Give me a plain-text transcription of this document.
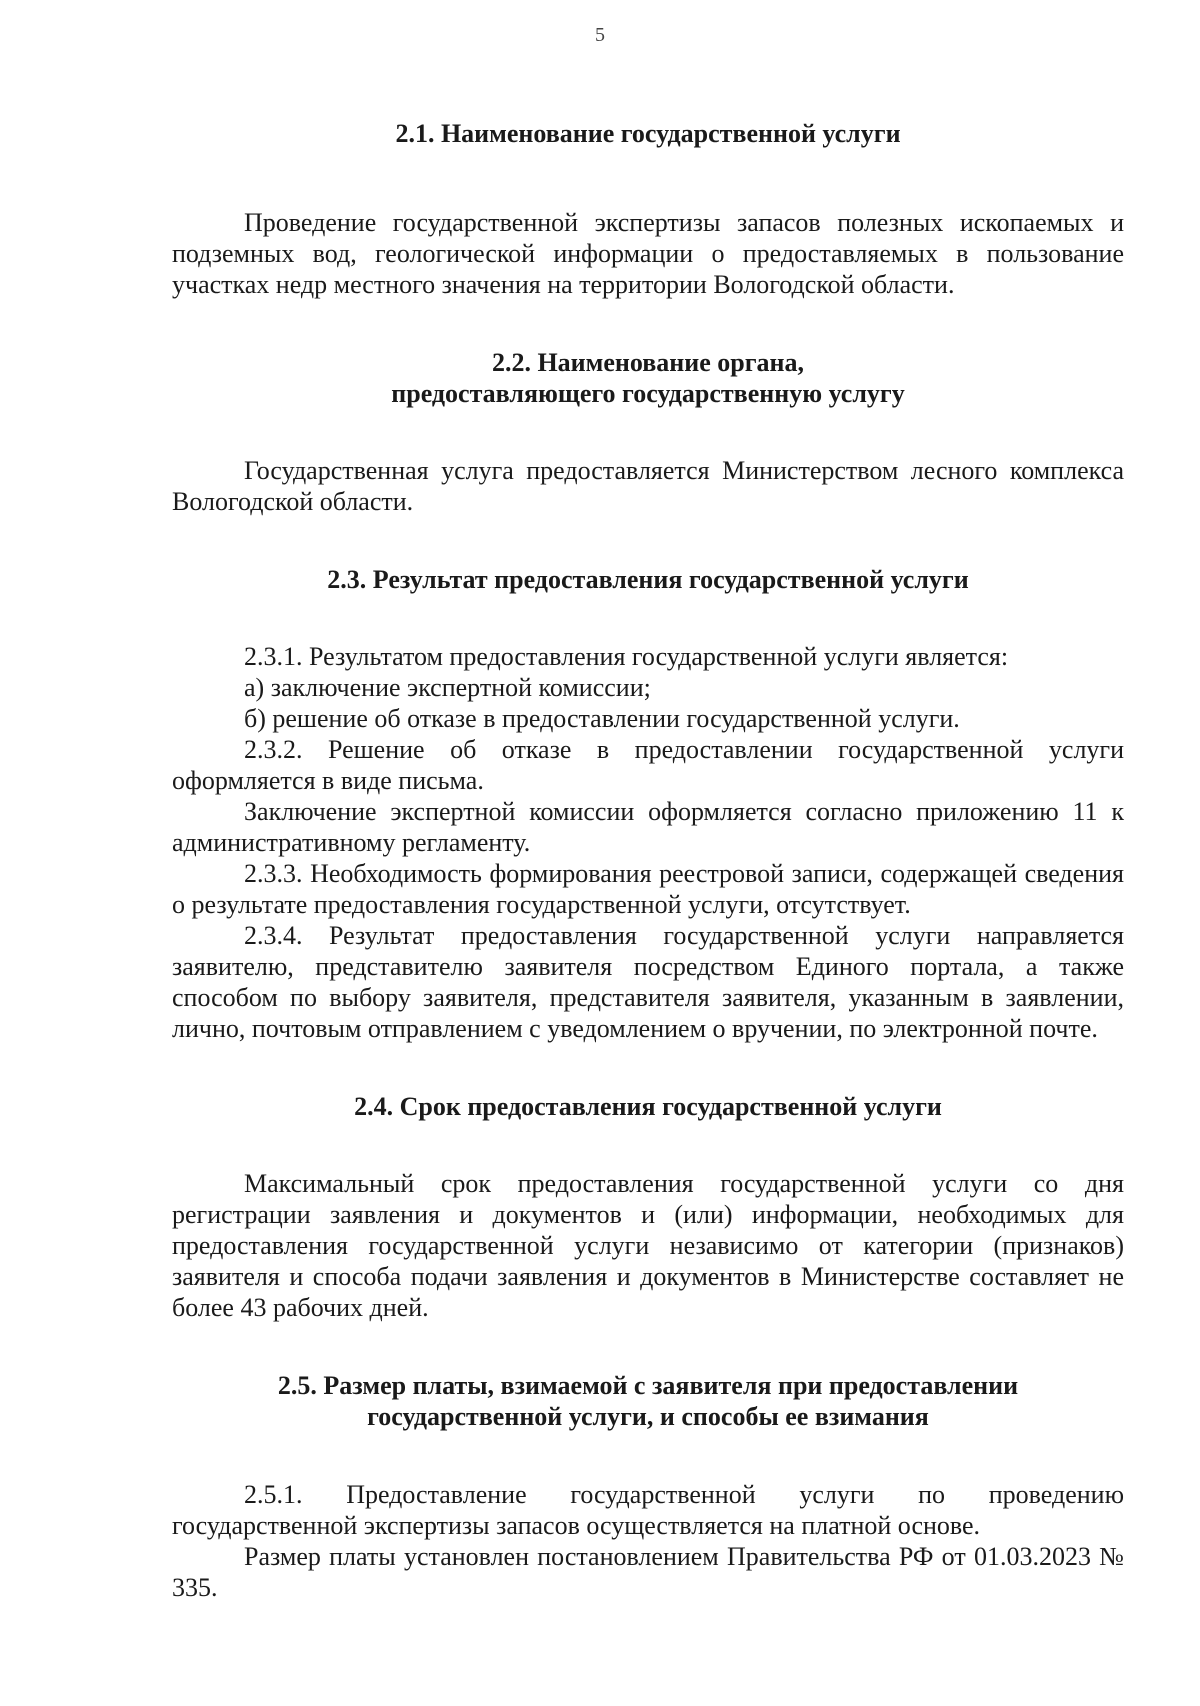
5
2.1. Наименование государственной услуги

Проведение государственной экспертизы запасов полезных ископаемых и подземных вод, геологической информации о предоставляемых в пользование участках недр местного значения на территории Вологодской области.

2.2. Наименование органа,
предоставляющего государственную услугу

Государственная услуга предоставляется Министерством лесного комплекса Вологодской области.

2.3. Результат предоставления государственной услуги

2.3.1. Результатом предоставления государственной услуги является:

а) заключение экспертной комиссии;

б) решение об отказе в предоставлении государственной услуги.

2.3.2. Решение об отказе в предоставлении государственной услуги оформляется в виде письма.

Заключение экспертной комиссии оформляется согласно приложению 11 к административному регламенту.

2.3.3. Необходимость формирования реестровой записи, содержащей сведения о результате предоставления государственной услуги, отсутствует.

2.3.4. Результат предоставления государственной услуги направляется заявителю, представителю заявителя посредством Единого портала, а также способом по выбору заявителя, представителя заявителя, указанным в заявлении, лично, почтовым отправлением с уведомлением о вручении, по электронной почте.

2.4. Срок предоставления государственной услуги

Максимальный срок предоставления государственной услуги со дня регистрации заявления и документов и (или) информации, необходимых для предоставления государственной услуги независимо от категории (признаков) заявителя и способа подачи заявления и документов в Министерстве составляет не более 43 рабочих дней.

2.5. Размер платы, взимаемой с заявителя при предоставлении
государственной услуги, и способы ее взимания

2.5.1. Предоставление государственной услуги по проведению государственной экспертизы запасов осуществляется на платной основе.

Размер платы установлен постановлением Правительства РФ от 01.03.2023 № 335.
